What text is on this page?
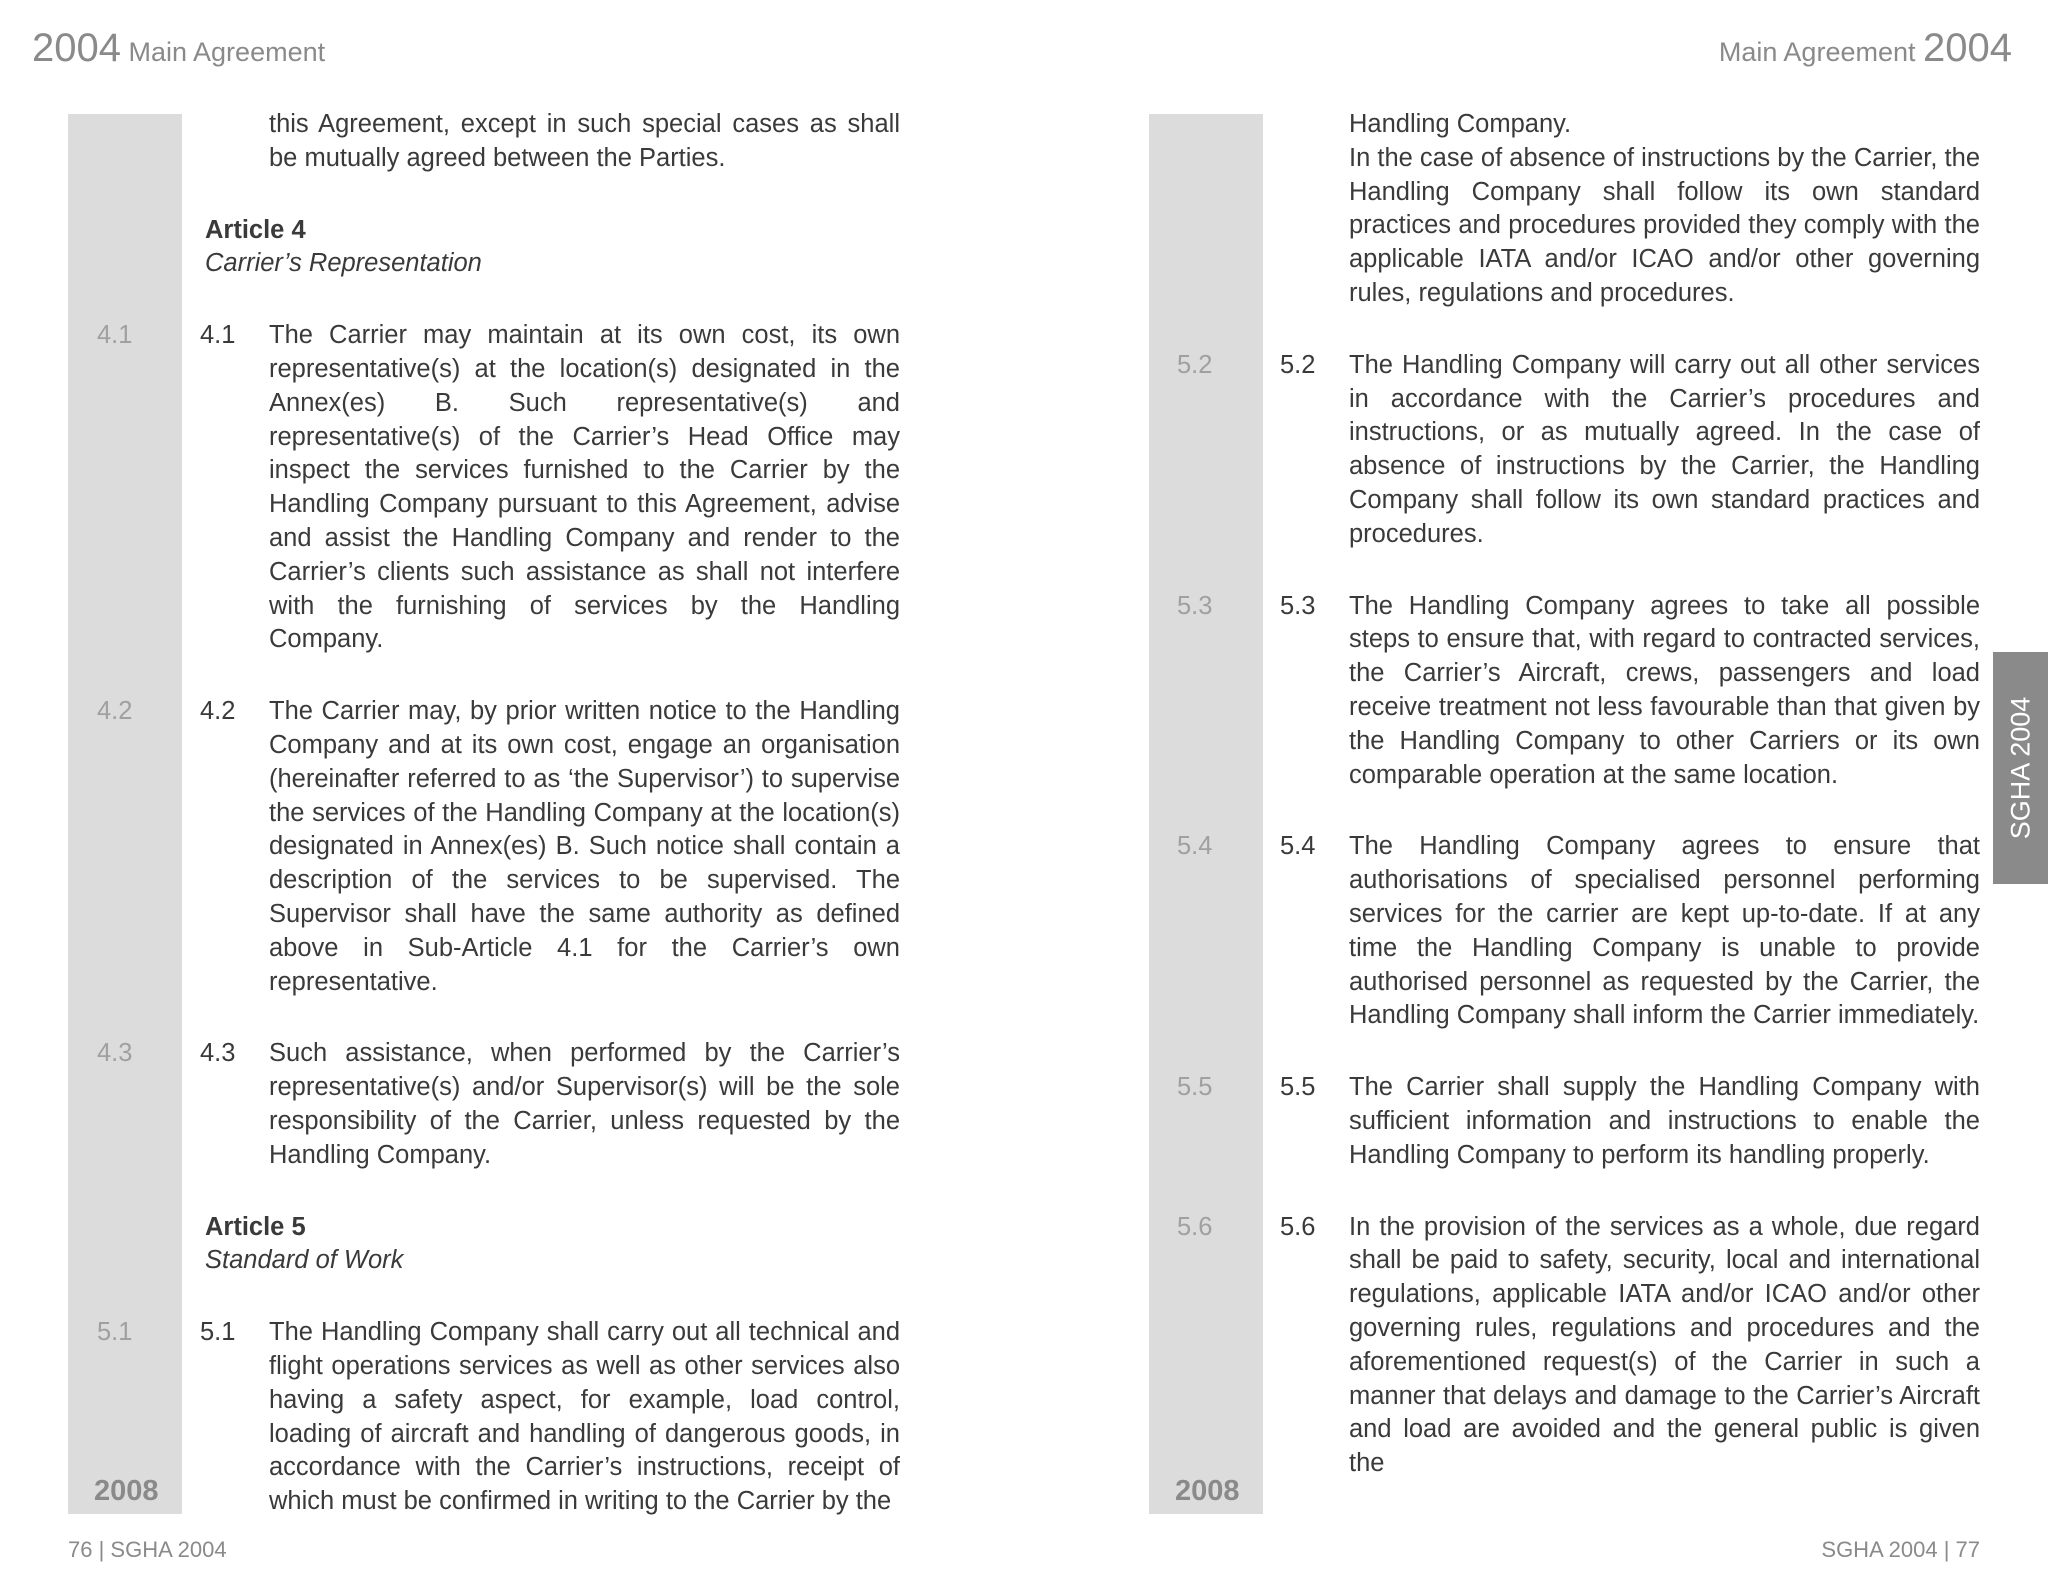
2004 Main Agreement	Main Agreement 2004
2008	2008

this Agreement, except in such special cases as shall be mutually agreed between the Parties.

Article 4
Carrier’s Representation
4.1	4.1 The Carrier may maintain at its own cost, its own representative(s) at the location(s) designated in the Annex(es) B. Such representative(s) and representative(s) of the Carrier’s Head Office may inspect the services furnished to the Carrier by the Handling Company pursuant to this Agreement, advise and assist the Handling Company and render to the Carrier’s clients such assistance as shall not interfere with the furnishing of services by the Handling Company.

4.2	4.2 The Carrier may, by prior written notice to the Handling Company and at its own cost, engage an organisation (hereinafter referred to as ‘the Supervisor’) to supervise the services of the Handling Company at the location(s) designated in Annex(es) B. Such notice shall contain a description of the services to be supervised. The Supervisor shall have the same authority as defined above in Sub-Article 4.1 for the Carrier’s own representative.

4.3	4.3 Such assistance, when performed by the Carrier’s representative(s) and/or Supervisor(s) will be the sole responsibility of the Carrier, unless requested by the Handling Company.

Article 5
Standard of Work
5.1	5.1 The Handling Company shall carry out all technical and flight operations services as well as other services also having a safety aspect, for example, load control, loading of aircraft and handling of dangerous goods, in accordance with the Carrier’s instructions, receipt of which must be confirmed in writing to the Carrier by the

Handling Company.

In the case of absence of instructions by the Carrier, the Handling Company shall follow its own standard practices and procedures provided they comply with the applicable IATA and/or ICAO and/or other governing rules, regulations and procedures.

5.2	5.2 The Handling Company will carry out all other services in accordance with the Carrier’s procedures and instructions, or as mutually agreed. In the case of absence of instructions by the Carrier, the Handling Company shall follow its own standard practices and procedures.

5.3	5.3 The Handling Company agrees to take all possible steps to ensure that, with regard to contracted services, the Carrier’s Aircraft, crews, passengers and load receive treatment not less favourable than that given by the Handling Company to other Carriers or its own comparable operation at the same location.

5.4	5.4 The Handling Company agrees to ensure that authorisations of specialised personnel performing services for the carrier are kept up-to-date. If at any time the Handling Company is unable to provide authorised personnel as requested by the Carrier, the Handling Company shall inform the Carrier immediately.

5.5	5.5 The Carrier shall supply the Handling Company with sufficient information and instructions to enable the Handling Company to perform its handling properly.

5.6	5.6 In the provision of the services as a whole, due regard shall be paid to safety, security, local and international regulations, applicable IATA and/or ICAO and/or other governing rules, regulations and procedures and the aforementioned request(s) of the Carrier in such a manner that delays and damage to the Carrier’s Aircraft and load are avoided and the general public is given the

SGHA 2004
76 | SGHA 2004	SGHA 2004 | 77
